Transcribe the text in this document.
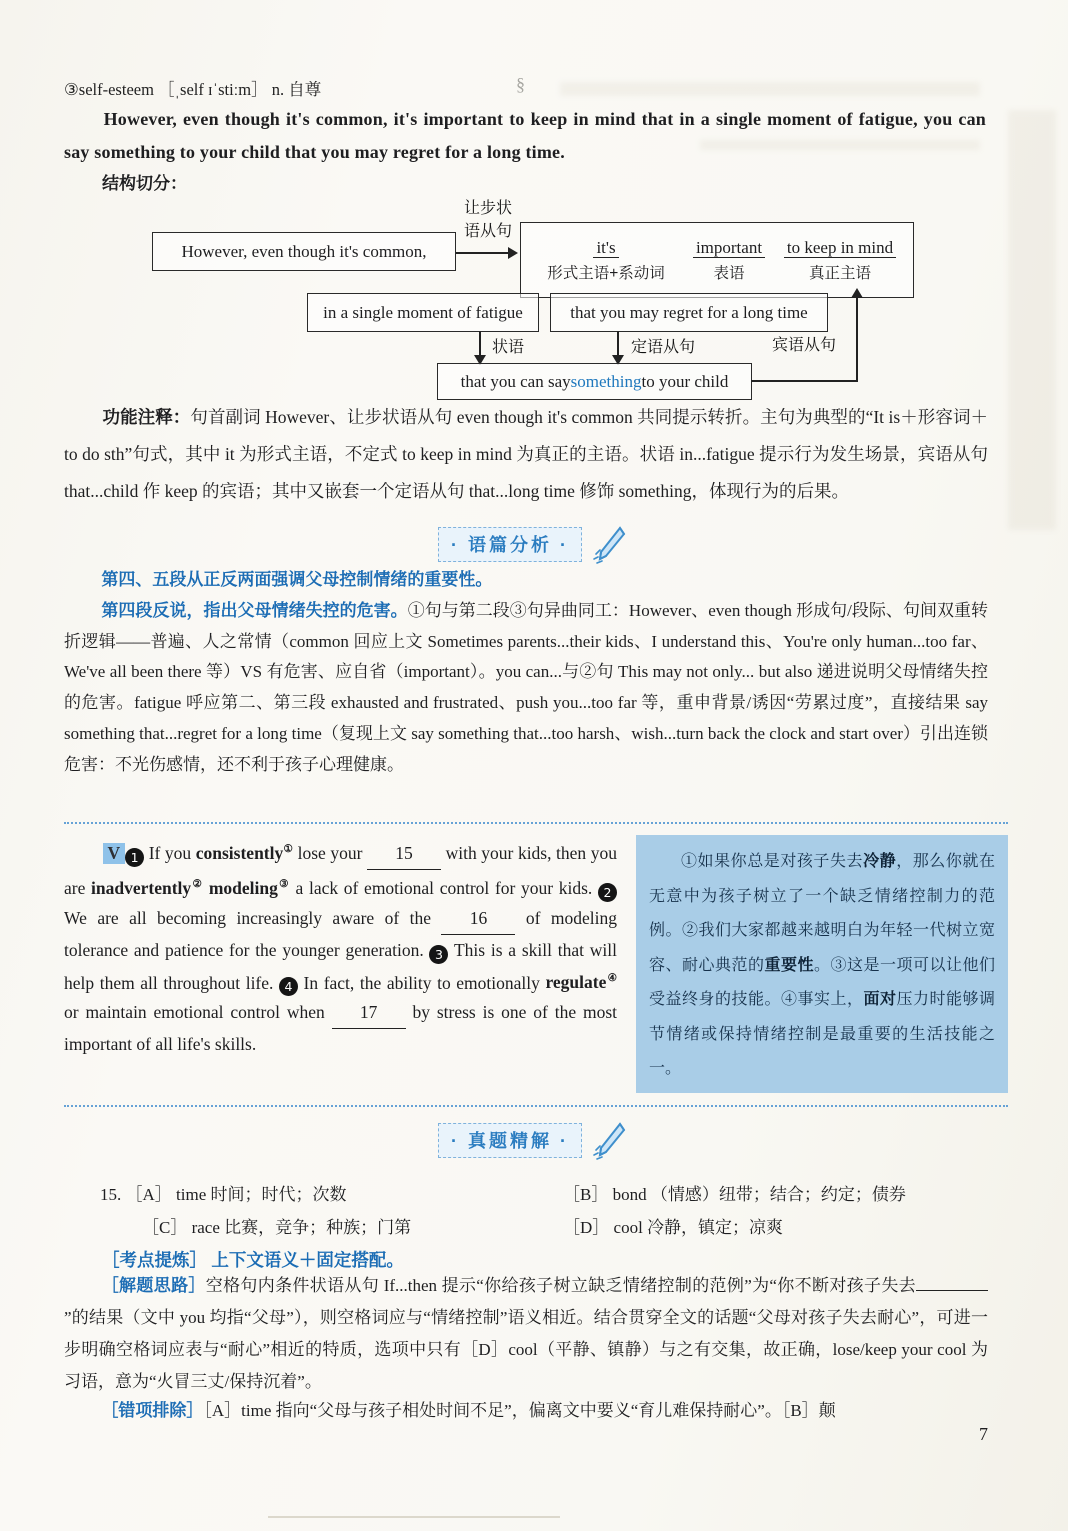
③self-esteem ［ˌself ɪˈstiːm］ n. 自尊	§
However, even though it's common, it's important to keep in mind that in a single moment of fatigue, you can say something to your child that you may regret for a long time.
结构切分：
让步状
语从句
However, even though it's common,	it's	important	to keep in mind
形式主语+系动词	表语	真正主语
in a single moment of fatigue	that you may regret for a long time
状语	定语从句	宾语从句
that you can say something to your child
功能注释：句首副词 However、让步状语从句 even though it's common 共同提示转折。主句为典型的“It is＋形容词＋to do sth”句式，其中 it 为形式主语，不定式 to keep in mind 为真正的主语。状语 in...fatigue 提示行为发生场景，宾语从句 that...child 作 keep 的宾语；其中又嵌套一个定语从句 that...long time 修饰 something，体现行为的后果。
· 语篇分析 ·

第四、五段从正反两面强调父母控制情绪的重要性。

第四段反说，指出父母情绪失控的危害。①句与第二段③句异曲同工：However、even though 形成句/段际、句间双重转折逻辑——普遍、人之常情（common 回应上文 Sometimes parents...their kids、I understand this、You're only human...too far、We've all been there 等）VS 有危害、应自省（important）。you can...与②句 This may not only... but also 递进说明父母情绪失控的危害。fatigue 呼应第二、第三段 exhausted and frustrated、push you...too far 等，重申背景/诱因“劳累过度”，直接结果 say something that...regret for a long time（复现上文 say something that...too harsh、wish...turn back the clock and start over）引出连锁危害：不光伤感情，还不利于孩子心理健康。

V 1 If you consistently① lose your 15 with your kids, then you are inadvertently② modeling③ a lack of emotional control for your kids. 2 We are all becoming increasingly aware of the 16 of modeling tolerance and patience for the younger generation. 3 This is a skill that will help them all throughout life. 4 In fact, the ability to emotionally regulate④ or maintain emotional control when 17 by stress is one of the most important of all life's skills.
①如果你总是对孩子失去冷静，那么你就在无意中为孩子树立了一个缺乏情绪控制力的范例。②我们大家都越来越明白为年轻一代树立宽容、耐心典范的重要性。③这是一项可以让他们受益终身的技能。④事实上，面对压力时能够调节情绪或保持情绪控制是最重要的生活技能之一。
· 真题精解 ·
15. ［A］ time 时间；时代；次数	［B］ bond （情感）纽带；结合；约定；债券
［C］ race 比赛，竞争；种族；门第	［D］ cool 冷静，镇定；凉爽
［考点提炼］ 上下文语义＋固定搭配。
［解题思路］空格句内条件状语从句 If...then 提示“你给孩子树立缺乏情绪控制的范例”为“你不断对孩子失去”的结果（文中 you 均指“父母”），则空格词应与“情绪控制”语义相近。结合贯穿全文的话题“父母对孩子失去耐心”，可进一步明确空格词应表与“耐心”相近的特质，选项中只有［D］cool（平静、镇静）与之有交集，故正确，lose/keep your cool 为习语，意为“火冒三丈/保持沉着”。
［错项排除］［A］time 指向“父母与孩子相处时间不足”，偏离文中要义“育儿难保持耐心”。［B］颠
7
